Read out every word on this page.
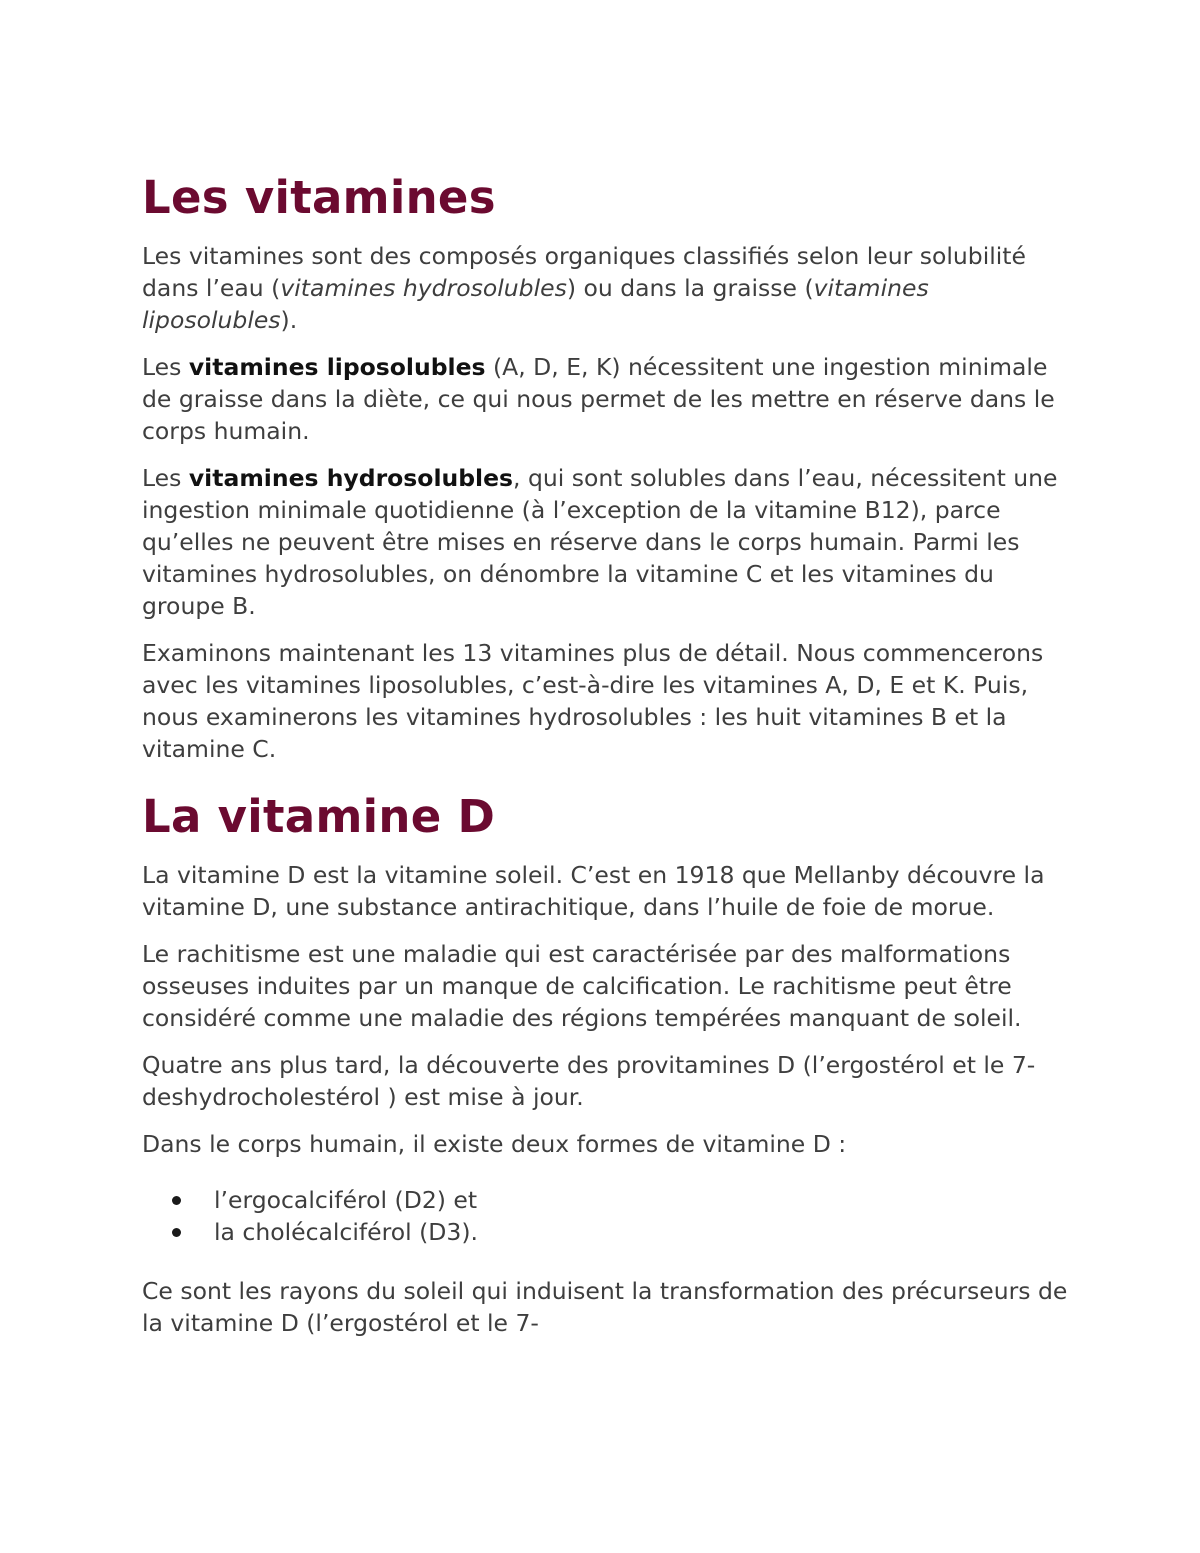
Les vitamines

Les vitamines sont des composés organiques classifiés selon leur solubilité dans l’eau (vitamines hydrosolubles) ou dans la graisse (vitamines liposolubles).

Les vitamines liposolubles (A, D, E, K) nécessitent une ingestion minimale de graisse dans la diète, ce qui nous permet de les mettre en réserve dans le corps humain.

Les vitamines hydrosolubles, qui sont solubles dans l’eau, nécessitent une ingestion minimale quotidienne (à l’exception de la vitamine B12), parce qu’elles ne peuvent être mises en réserve dans le corps humain. Parmi les vitamines hydrosolubles, on dénombre la vitamine C et les vitamines du groupe B.

Examinons maintenant les 13 vitamines plus de détail. Nous commencerons avec les vitamines liposolubles, c’est-à-dire les vitamines A, D, E et K. Puis, nous examinerons les vitamines hydrosolubles : les huit vitamines B et la vitamine C.

La vitamine D

La vitamine D est la vitamine soleil. C’est en 1918 que Mellanby découvre la vitamine D, une substance antirachitique, dans l’huile de foie de morue.

Le rachitisme est une maladie qui est caractérisée par des malformations osseuses induites par un manque de calcification. Le rachitisme peut être considéré comme une maladie des régions tempérées manquant de soleil.

Quatre ans plus tard, la découverte des provitamines D (l’ergostérol et le 7-deshydrocholestérol ) est mise à jour.

Dans le corps humain, il existe deux formes de vitamine D :

l’ergocalciférol (D2) et
la cholécalciférol (D3).

Ce sont les rayons du soleil qui induisent la transformation des précurseurs de la vitamine D (l’ergostérol et le 7-
